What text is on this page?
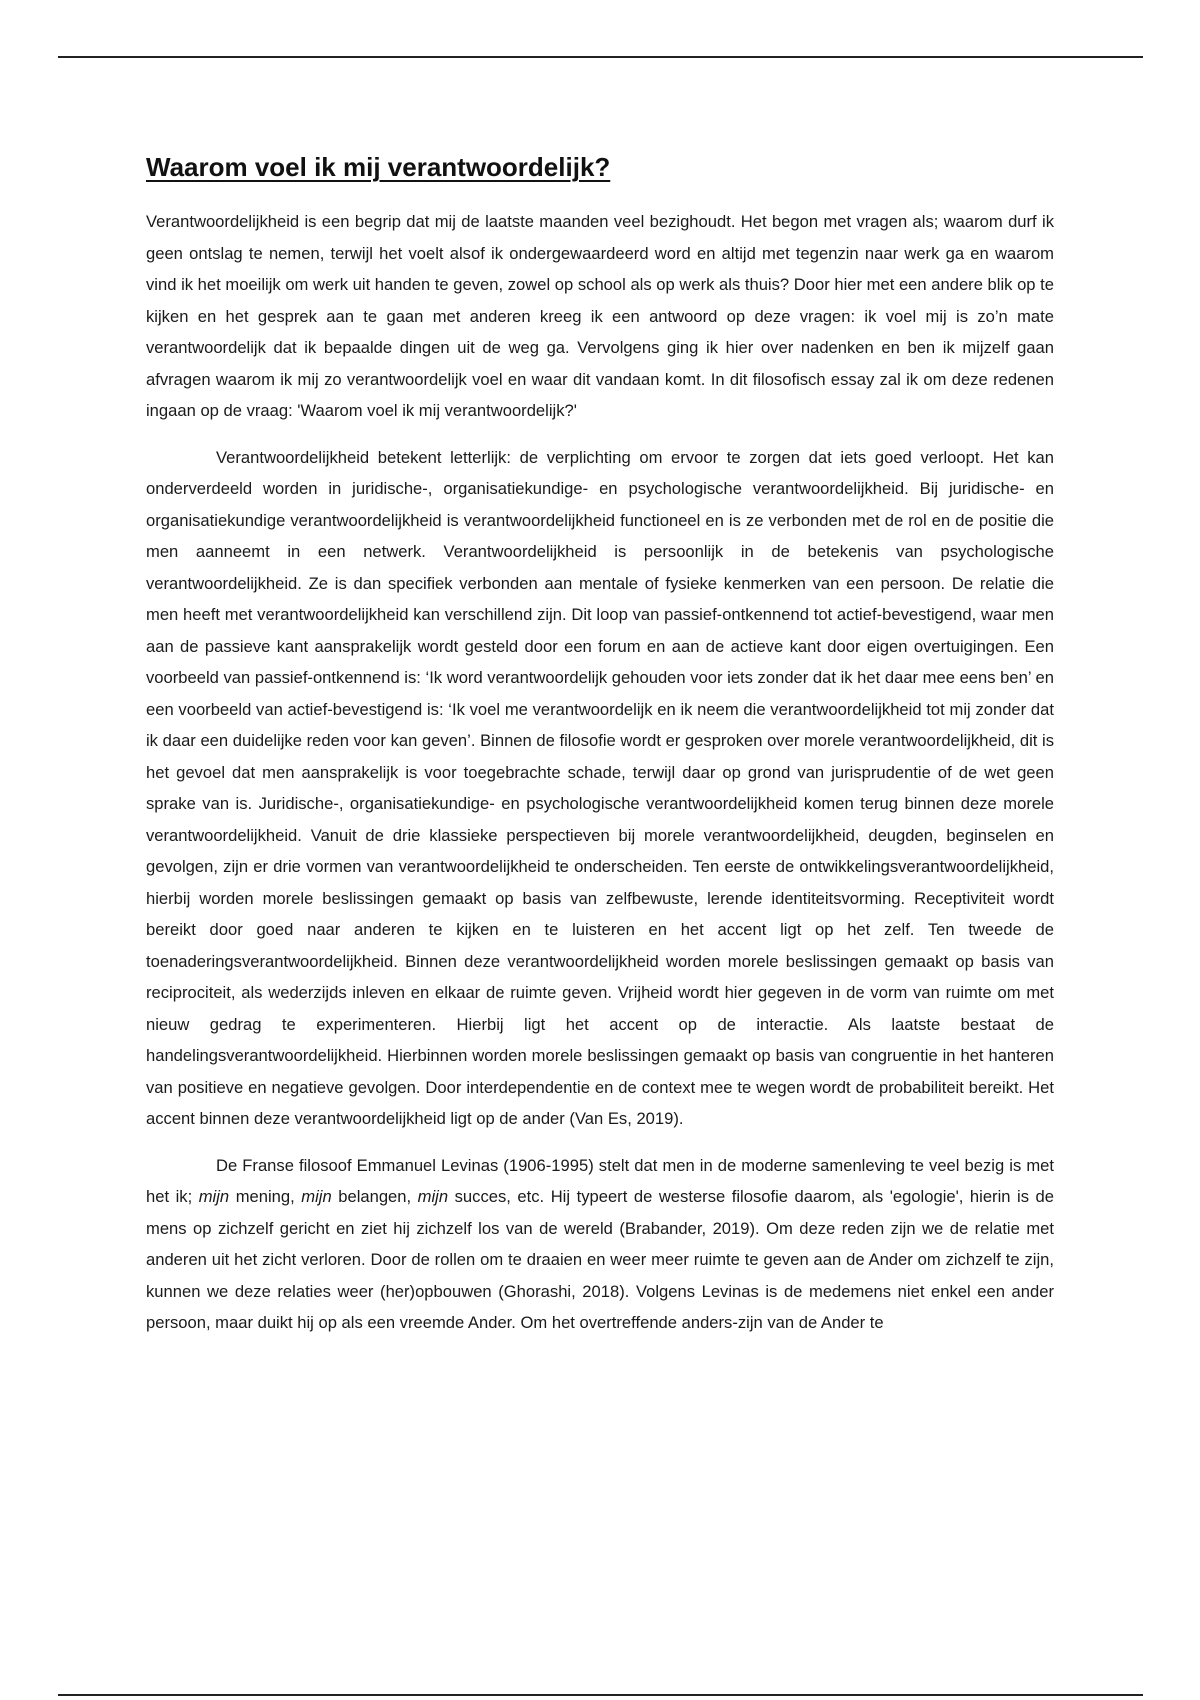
Waarom voel ik mij verantwoordelijk?

Verantwoordelijkheid is een begrip dat mij de laatste maanden veel bezighoudt. Het begon met vragen als; waarom durf ik geen ontslag te nemen, terwijl het voelt alsof ik ondergewaardeerd word en altijd met tegenzin naar werk ga en waarom vind ik het moeilijk om werk uit handen te geven, zowel op school als op werk als thuis? Door hier met een andere blik op te kijken en het gesprek aan te gaan met anderen kreeg ik een antwoord op deze vragen: ik voel mij is zo’n mate verantwoordelijk dat ik bepaalde dingen uit de weg ga. Vervolgens ging ik hier over nadenken en ben ik mijzelf gaan afvragen waarom ik mij zo verantwoordelijk voel en waar dit vandaan komt. In dit filosofisch essay zal ik om deze redenen ingaan op de vraag: 'Waarom voel ik mij verantwoordelijk?'

Verantwoordelijkheid betekent letterlijk: de verplichting om ervoor te zorgen dat iets goed verloopt. Het kan onderverdeeld worden in juridische-, organisatiekundige- en psychologische verantwoordelijkheid. Bij juridische- en organisatiekundige verantwoordelijkheid is verantwoordelijkheid functioneel en is ze verbonden met de rol en de positie die men aanneemt in een netwerk. Verantwoordelijkheid is persoonlijk in de betekenis van psychologische verantwoordelijkheid. Ze is dan specifiek verbonden aan mentale of fysieke kenmerken van een persoon. De relatie die men heeft met verantwoordelijkheid kan verschillend zijn. Dit loop van passief-ontkennend tot actief-bevestigend, waar men aan de passieve kant aansprakelijk wordt gesteld door een forum en aan de actieve kant door eigen overtuigingen. Een voorbeeld van passief-ontkennend is: ‘Ik word verantwoordelijk gehouden voor iets zonder dat ik het daar mee eens ben’ en een voorbeeld van actief-bevestigend is: ‘Ik voel me verantwoordelijk en ik neem die verantwoordelijkheid tot mij zonder dat ik daar een duidelijke reden voor kan geven’. Binnen de filosofie wordt er gesproken over morele verantwoordelijkheid, dit is het gevoel dat men aansprakelijk is voor toegebrachte schade, terwijl daar op grond van jurisprudentie of de wet geen sprake van is. Juridische-, organisatiekundige- en psychologische verantwoordelijkheid komen terug binnen deze morele verantwoordelijkheid. Vanuit de drie klassieke perspectieven bij morele verantwoordelijkheid, deugden, beginselen en gevolgen, zijn er drie vormen van verantwoordelijkheid te onderscheiden. Ten eerste de ontwikkelingsverantwoordelijkheid, hierbij worden morele beslissingen gemaakt op basis van zelfbewuste, lerende identiteitsvorming. Receptiviteit wordt bereikt door goed naar anderen te kijken en te luisteren en het accent ligt op het zelf. Ten tweede de toenaderingsverantwoordelijkheid. Binnen deze verantwoordelijkheid worden morele beslissingen gemaakt op basis van reciprociteit, als wederzijds inleven en elkaar de ruimte geven. Vrijheid wordt hier gegeven in de vorm van ruimte om met nieuw gedrag te experimenteren. Hierbij ligt het accent op de interactie. Als laatste bestaat de handelingsverantwoordelijkheid. Hierbinnen worden morele beslissingen gemaakt op basis van congruentie in het hanteren van positieve en negatieve gevolgen. Door interdependentie en de context mee te wegen wordt de probabiliteit bereikt. Het accent binnen deze verantwoordelijkheid ligt op de ander (Van Es, 2019).

De Franse filosoof Emmanuel Levinas (1906-1995) stelt dat men in de moderne samenleving te veel bezig is met het ik; mijn mening, mijn belangen, mijn succes, etc. Hij typeert de westerse filosofie daarom, als 'egologie', hierin is de mens op zichzelf gericht en ziet hij zichzelf los van de wereld (Brabander, 2019). Om deze reden zijn we de relatie met anderen uit het zicht verloren. Door de rollen om te draaien en weer meer ruimte te geven aan de Ander om zichzelf te zijn, kunnen we deze relaties weer (her)opbouwen (Ghorashi, 2018). Volgens Levinas is de medemens niet enkel een ander persoon, maar duikt hij op als een vreemde Ander. Om het overtreffende anders-zijn van de Ander te
